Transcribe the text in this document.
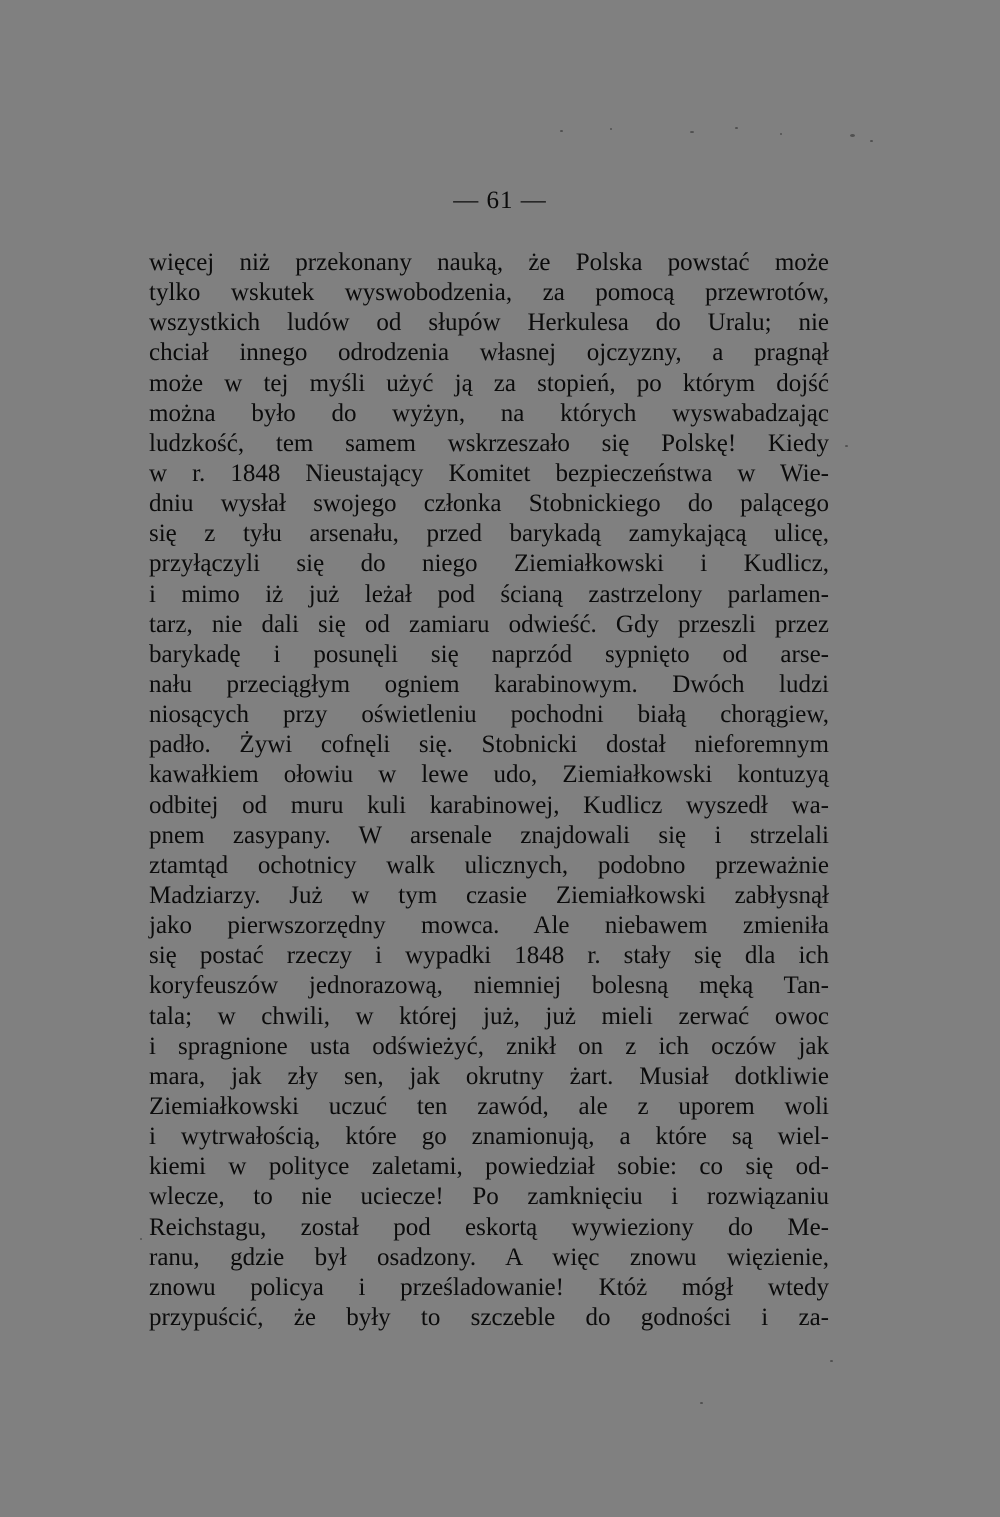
— 61 —
więcej niż przekonany nauką, że Polska powstać może
tylko wskutek wyswobodzenia, za pomocą przewrotów,
wszystkich ludów od słupów Herkulesa do Uralu; nie
chciał innego odrodzenia własnej ojczyzny, a pragnął
może w tej myśli użyć ją za stopień, po którym dojść
można było do wyżyn, na których wyswabadzając
ludzkość, tem samem wskrzeszało się Polskę! Kiedy
w r. 1848 Nieustający Komitet bezpieczeństwa w Wie-
dniu wysłał swojego członka Stobnickiego do palącego
się z tyłu arsenału, przed barykadą zamykającą ulicę,
przyłączyli się do niego Ziemiałkowski i Kudlicz,
i mimo iż już leżał pod ścianą zastrzelony parlamen-
tarz, nie dali się od zamiaru odwieść. Gdy przeszli przez
barykadę i posunęli się naprzód sypnięto od arse-
nału przeciągłym ogniem karabinowym. Dwóch ludzi
niosących przy oświetleniu pochodni białą chorągiew,
padło. Żywi cofnęli się. Stobnicki dostał nieforemnym
kawałkiem ołowiu w lewe udo, Ziemiałkowski kontuzyą
odbitej od muru kuli karabinowej, Kudlicz wyszedł wa-
pnem zasypany. W arsenale znajdowali się i strzelali
ztamtąd ochotnicy walk ulicznych, podobno przeważnie
Madziarzy. Już w tym czasie Ziemiałkowski zabłysnął
jako pierwszorzędny mowca. Ale niebawem zmieniła
się postać rzeczy i wypadki 1848 r. stały się dla ich
koryfeuszów jednorazową, niemniej bolesną męką Tan-
tala; w chwili, w której już, już mieli zerwać owoc
i spragnione usta odświeżyć, znikł on z ich oczów jak
mara, jak zły sen, jak okrutny żart. Musiał dotkliwie
Ziemiałkowski uczuć ten zawód, ale z uporem woli
i wytrwałością, które go znamionują, a które są wiel-
kiemi w polityce zaletami, powiedział sobie: co się od-
wlecze, to nie uciecze! Po zamknięciu i rozwiązaniu
Reichstagu, został pod eskortą wywieziony do Me-
ranu, gdzie był osadzony. A więc znowu więzienie,
znowu policya i prześladowanie! Któż mógł wtedy
przypuścić, że były to szczeble do godności i za-
